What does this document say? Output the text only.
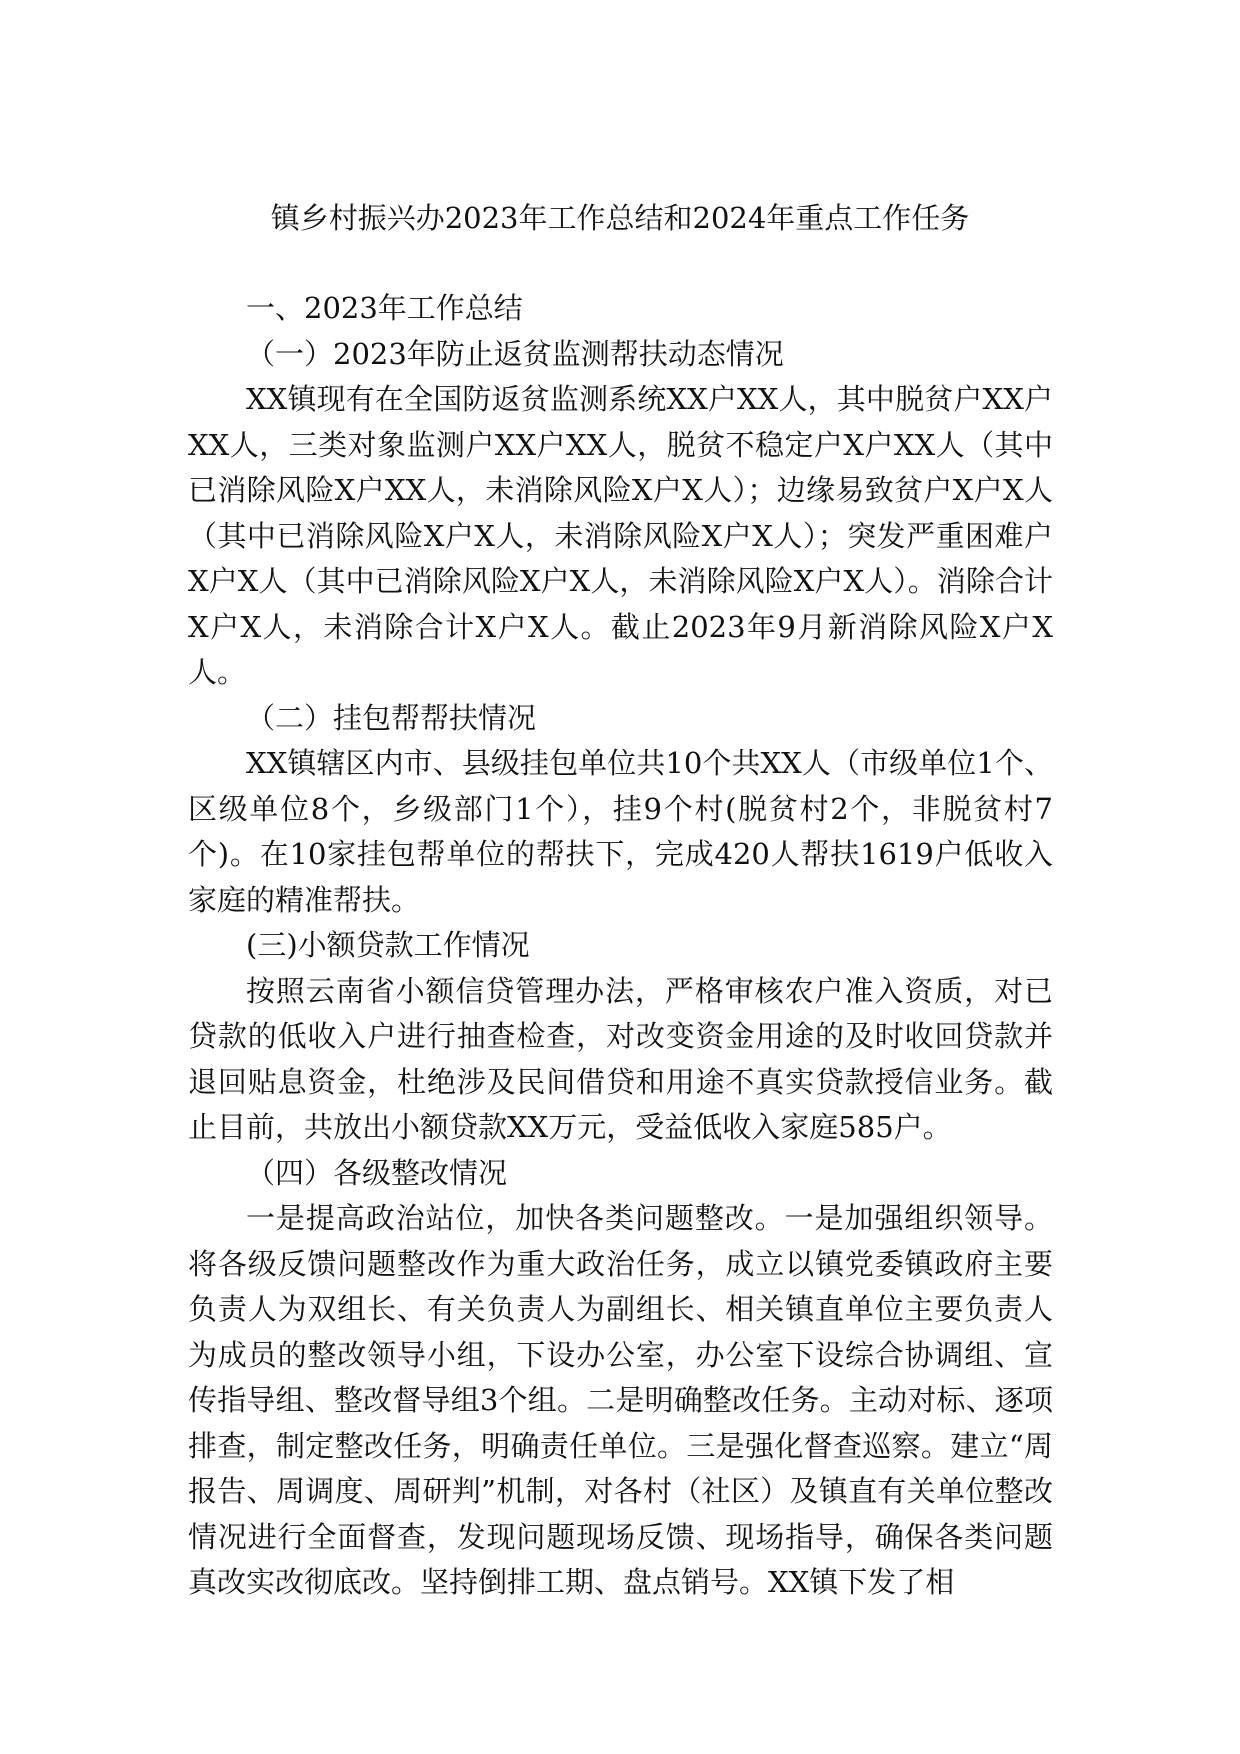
镇乡村振兴办2023年工作总结和2024年重点工作任务

一、2023年工作总结

（一）2023年防止返贫监测帮扶动态情况

XX镇现有在全国防返贫监测系统XX户XX人，其中脱贫户XX户XX人，三类对象监测户XX户XX人，脱贫不稳定户X户XX人（其中已消除风险X户XX人，未消除风险X户X人）；边缘易致贫户X户X人（其中已消除风险X户X人，未消除风险X户X人）；突发严重困难户X户X人（其中已消除风险X户X人，未消除风险X户X人）。消除合计X户X人，未消除合计X户X人。截止2023年9月新消除风险X户X人。

（二）挂包帮帮扶情况

XX镇辖区内市、县级挂包单位共10个共XX人（市级单位1个、区级单位8个，乡级部门1个），挂9个村(脱贫村2个，非脱贫村7个)。在10家挂包帮单位的帮扶下，完成420人帮扶1619户低收入家庭的精准帮扶。

(三)小额贷款工作情况

按照云南省小额信贷管理办法，严格审核农户准入资质，对已贷款的低收入户进行抽查检查，对改变资金用途的及时收回贷款并退回贴息资金，杜绝涉及民间借贷和用途不真实贷款授信业务。截止目前，共放出小额贷款XX万元，受益低收入家庭585户。

（四）各级整改情况

一是提高政治站位，加快各类问题整改。一是加强组织领导。将各级反馈问题整改作为重大政治任务，成立以镇党委镇政府主要负责人为双组长、有关负责人为副组长、相关镇直单位主要负责人为成员的整改领导小组，下设办公室，办公室下设综合协调组、宣传指导组、整改督导组3个组。二是明确整改任务。主动对标、逐项排查，制定整改任务，明确责任单位。三是强化督查巡察。建立“周报告、周调度、周研判”机制，对各村（社区）及镇直有关单位整改情况进行全面督查，发现问题现场反馈、现场指导，确保各类问题真改实改彻底改。坚持倒排工期、盘点销号。XX镇下发了相
